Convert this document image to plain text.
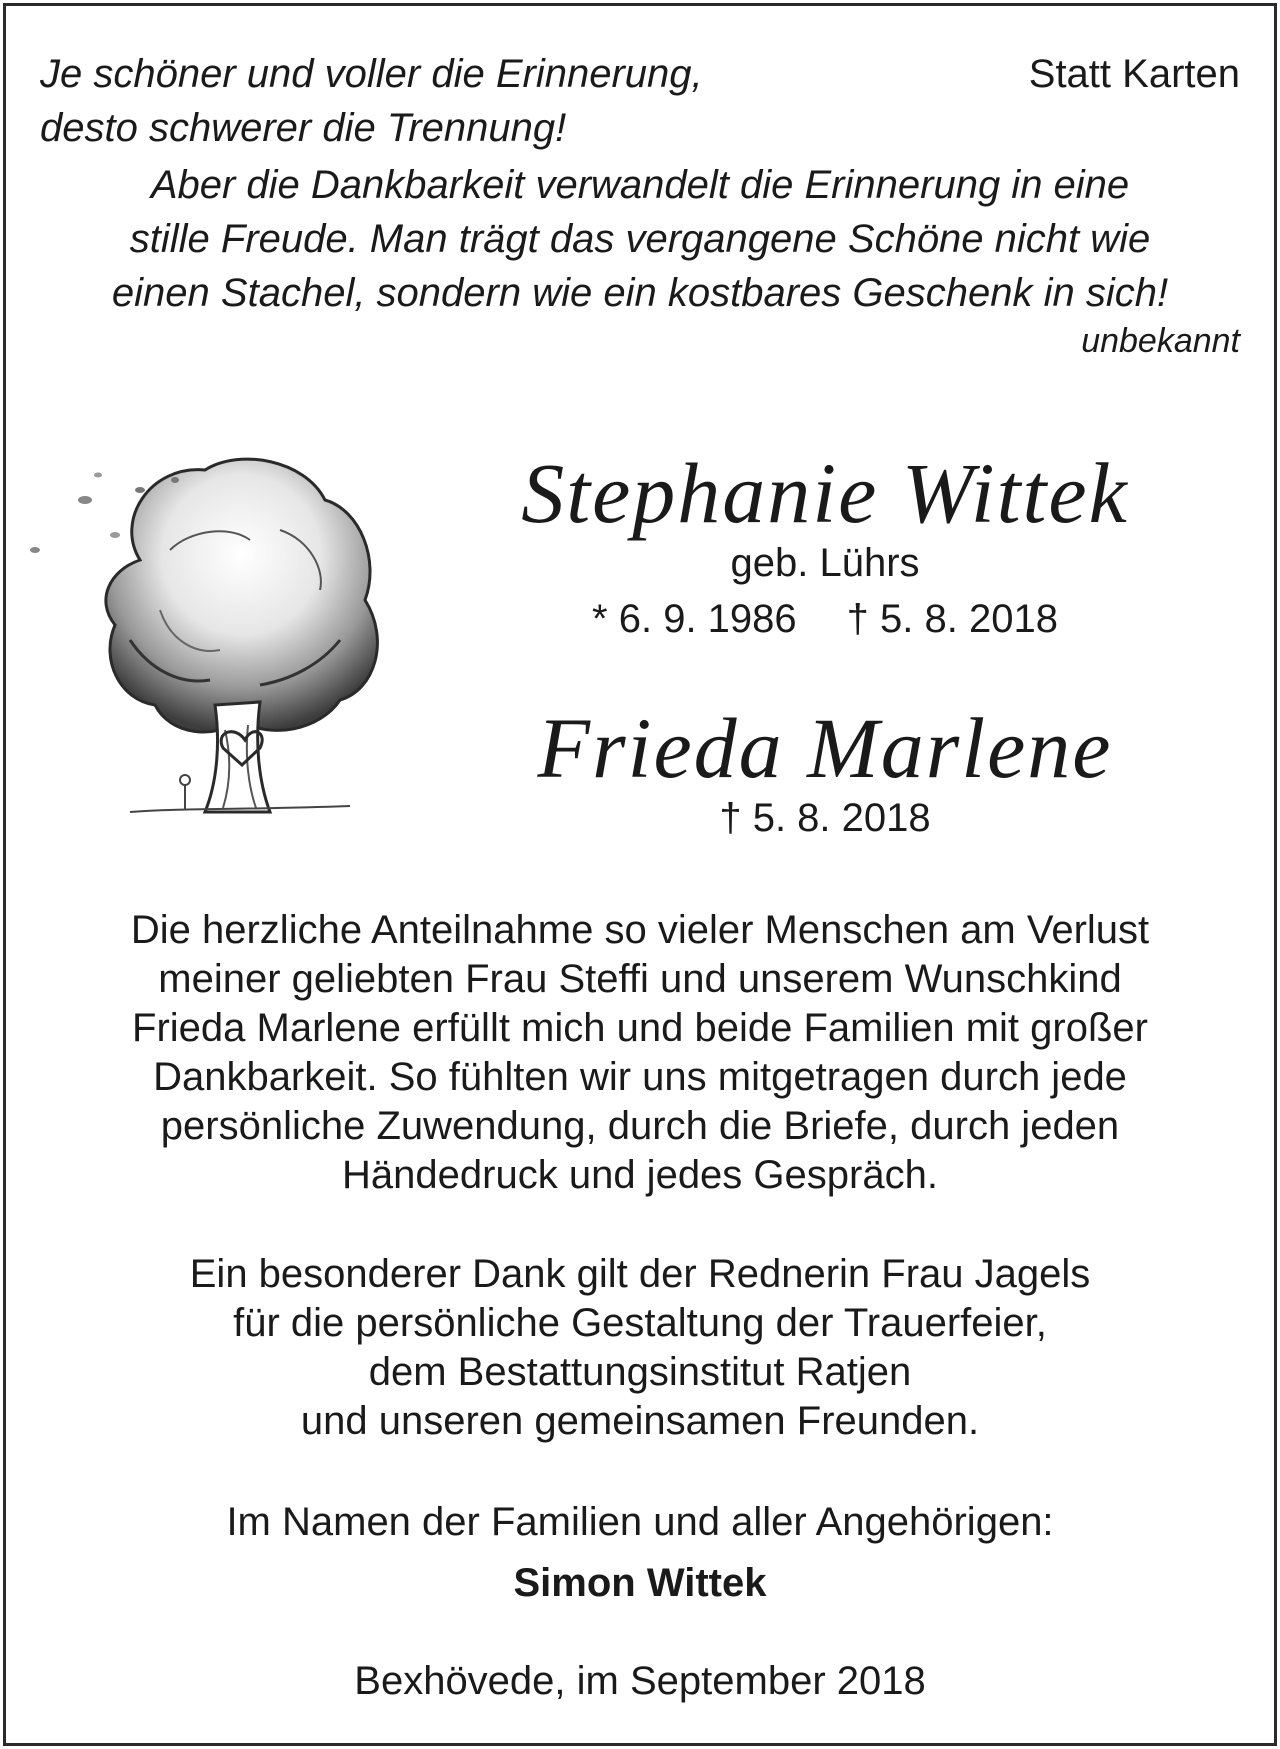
Je schöner und voller die Erinnerung,
desto schwerer die Trennung!
Statt Karten
Aber die Dankbarkeit verwandelt die Erinnerung in eine
stille Freude. Man trägt das vergangene Schöne nicht wie
einen Stachel, sondern wie ein kostbares Geschenk in sich!
unbekannt
Stephanie Wittek
geb. Lührs
* 6. 9. 1986 † 5. 8. 2018
Frieda Marlene
† 5. 8. 2018
Die herzliche Anteilnahme so vieler Menschen am Verlust
meiner geliebten Frau Steffi und unserem Wunschkind
Frieda Marlene erfüllt mich und beide Familien mit großer
Dankbarkeit. So fühlten wir uns mitgetragen durch jede
persönliche Zuwendung, durch die Briefe, durch jeden
Händedruck und jedes Gespräch.
Ein besonderer Dank gilt der Rednerin Frau Jagels
für die persönliche Gestaltung der Trauerfeier,
dem Bestattungsinstitut Ratjen
und unseren gemeinsamen Freunden.
Im Namen der Familien und aller Angehörigen:
Simon Wittek
Bexhövede, im September 2018
